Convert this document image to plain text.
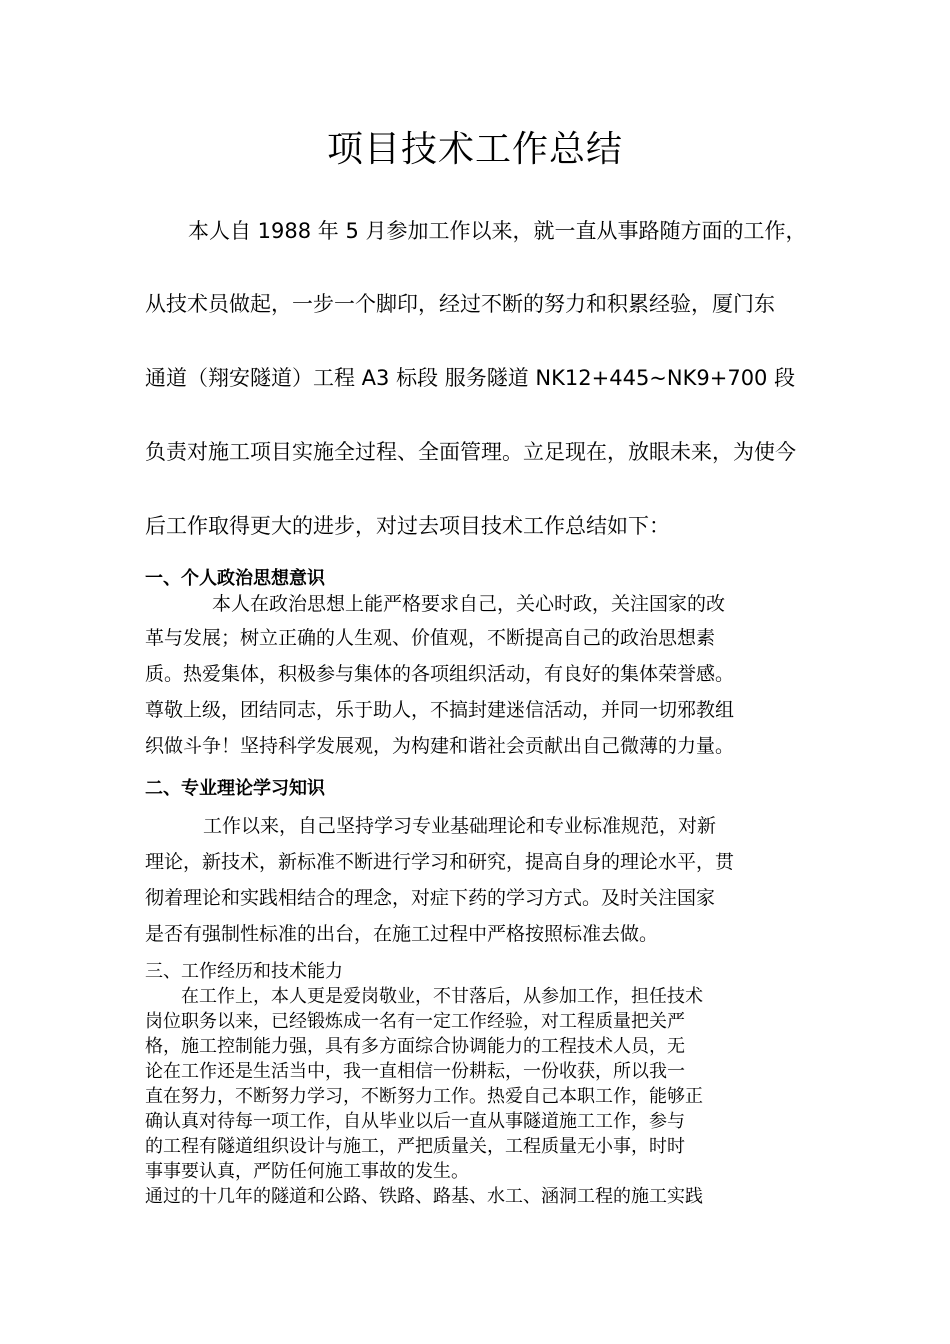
项目技术工作总结

本人自 1988 年 5 月参加工作以来，就一直从事路随方面的工作，

从技术员做起，一步一个脚印，经过不断的努力和积累经验，厦门东

通道（翔安隧道）工程 A3 标段 服务隧道 NK12+445~NK9+700 段

负责对施工项目实施全过程、全面管理。立足现在，放眼未来，为使今

后工作取得更大的进步，对过去项目技术工作总结如下：

一、个人政治思想意识

本人在政治思想上能严格要求自己，关心时政，关注国家的改

革与发展；树立正确的人生观、价值观，不断提高自己的政治思想素

质。热爱集体，积极参与集体的各项组织活动，有良好的集体荣誉感。

尊敬上级，团结同志，乐于助人，不搞封建迷信活动，并同一切邪教组

织做斗争！坚持科学发展观，为构建和谐社会贡献出自己微薄的力量。

二、专业理论学习知识

工作以来，自己坚持学习专业基础理论和专业标准规范，对新

理论，新技术，新标准不断进行学习和研究，提高自身的理论水平，贯

彻着理论和实践相结合的理念，对症下药的学习方式。及时关注国家

是否有强制性标准的出台，在施工过程中严格按照标准去做。

三、工作经历和技术能力

在工作上，本人更是爱岗敬业，不甘落后，从参加工作，担任技术

岗位职务以来，已经锻炼成一名有一定工作经验，对工程质量把关严

格，施工控制能力强，具有多方面综合协调能力的工程技术人员，无

论在工作还是生活当中，我一直相信一份耕耘，一份收获，所以我一

直在努力，不断努力学习，不断努力工作。热爱自己本职工作，能够正

确认真对待每一项工作，自从毕业以后一直从事隧道施工工作，参与

的工程有隧道组织设计与施工，严把质量关，工程质量无小事，时时

事事要认真，严防任何施工事故的发生。

通过的十几年的隧道和公路、铁路、路基、水工、涵洞工程的施工实践
